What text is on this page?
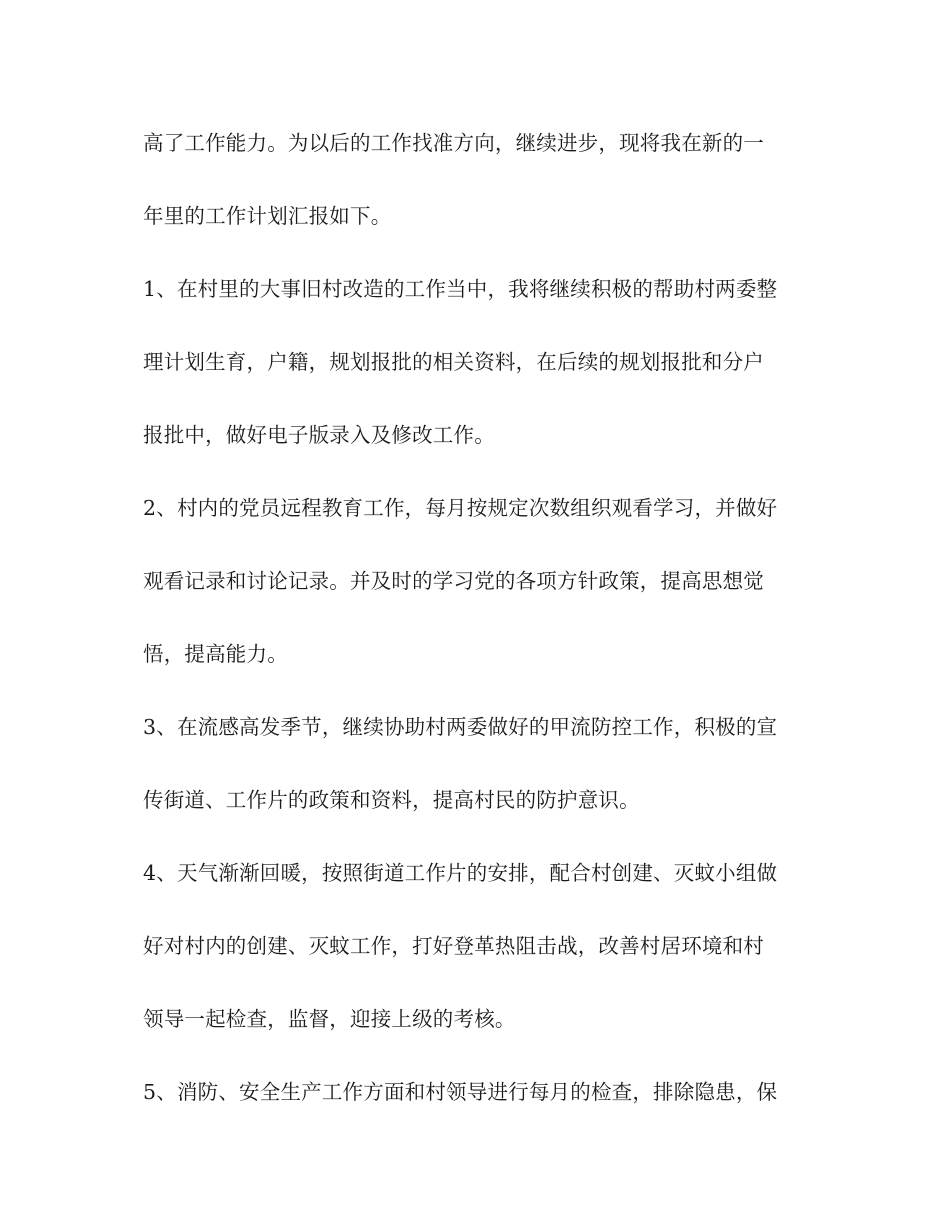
高了工作能力。为以后的工作找准方向，继续进步，现将我在新的一
年里的工作计划汇报如下。
1、在村里的大事旧村改造的工作当中，我将继续积极的帮助村两委整
理计划生育，户籍，规划报批的相关资料，在后续的规划报批和分户
报批中，做好电子版录入及修改工作。
2、村内的党员远程教育工作，每月按规定次数组织观看学习，并做好
观看记录和讨论记录。并及时的学习党的各项方针政策，提高思想觉
悟，提高能力。
3、在流感高发季节，继续协助村两委做好的甲流防控工作，积极的宣
传街道、工作片的政策和资料，提高村民的防护意识。
4、天气渐渐回暖，按照街道工作片的安排，配合村创建、灭蚊小组做
好对村内的创建、灭蚊工作，打好登革热阻击战，改善村居环境和村
领导一起检查，监督，迎接上级的考核。
5、消防、安全生产工作方面和村领导进行每月的检查，排除隐患，保
